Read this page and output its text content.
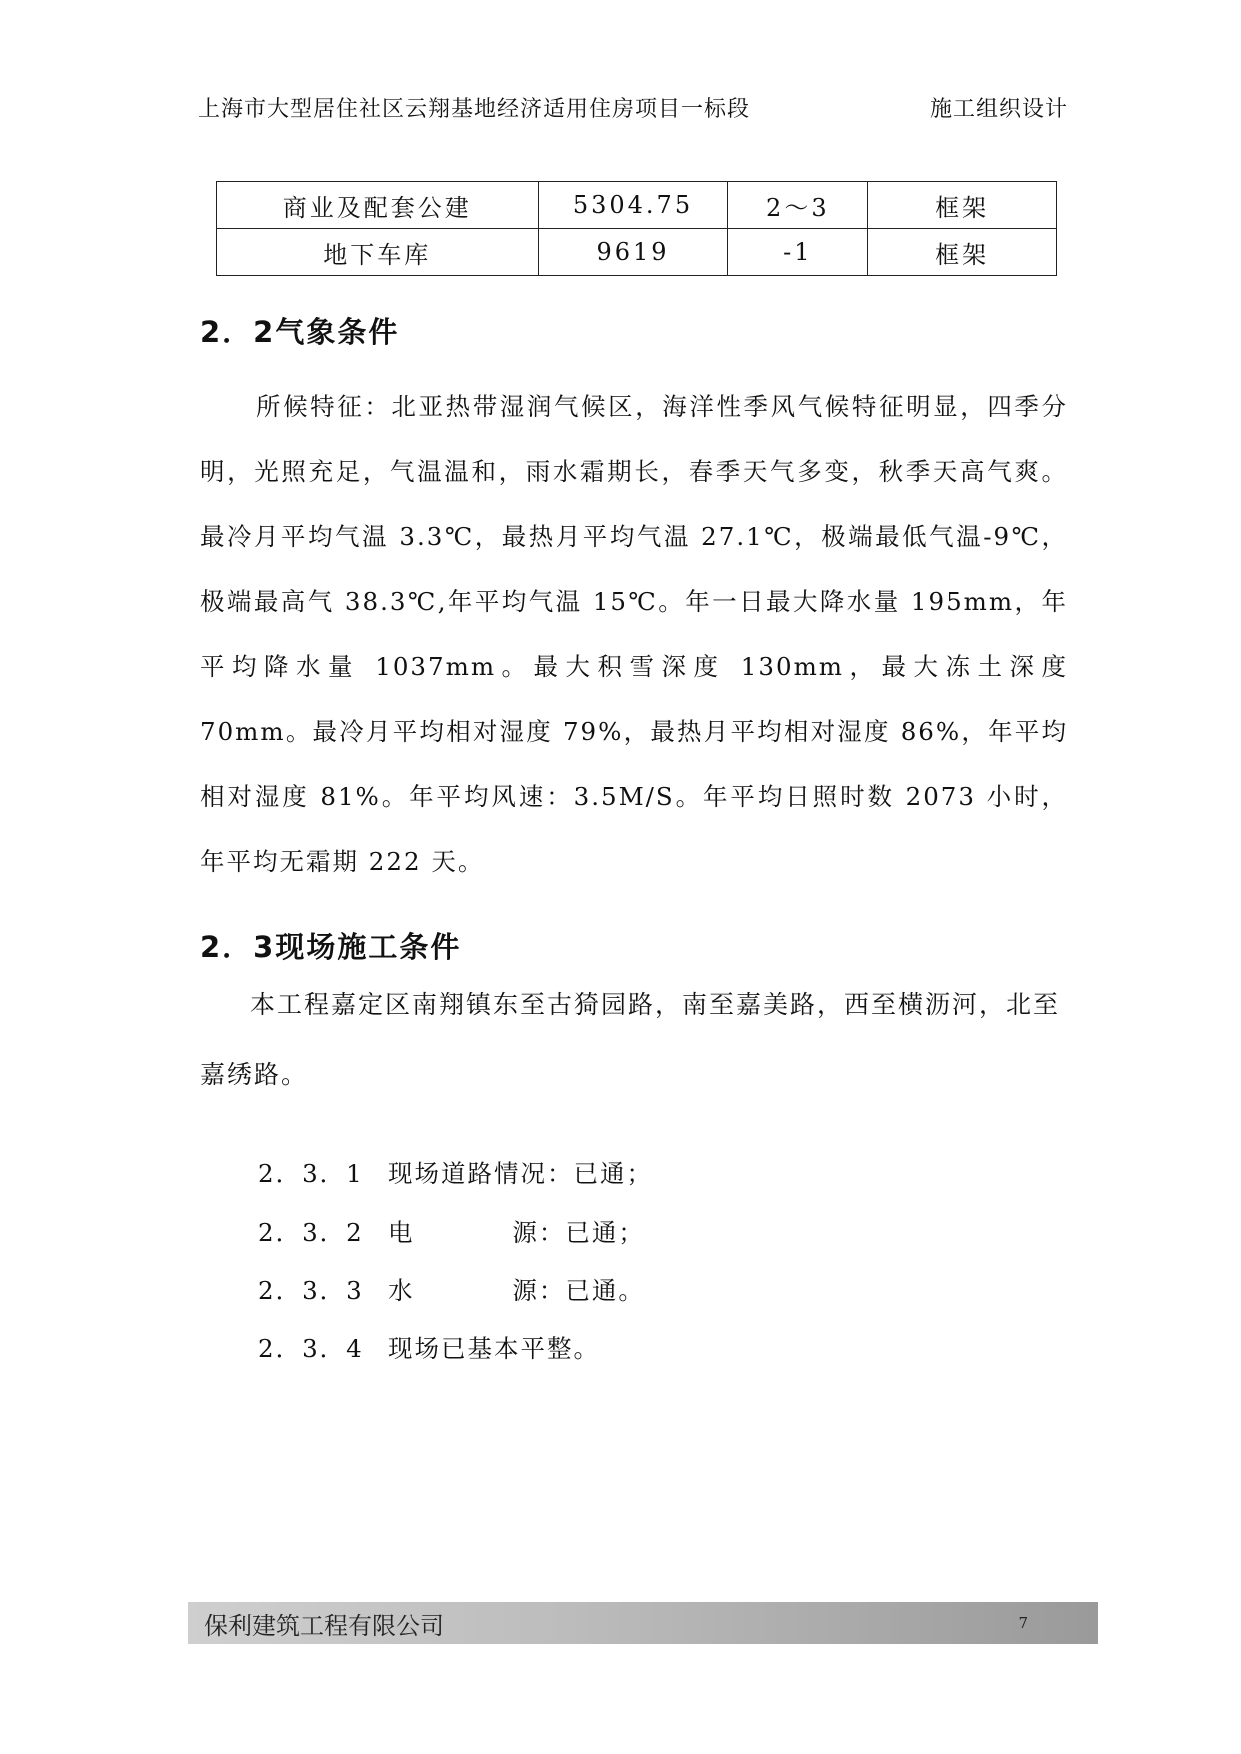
上海市大型居住社区云翔基地经济适用住房项目一标段	施工组织设计
商业及配套公建	5304.75	2～3	框架
地下车库	9619	-1	框架
2．2气象条件
所候特征：北亚热带湿润气候区，海洋性季风气候特征明显，四季分明，光照充足，气温温和，雨水霜期长，春季天气多变，秋季天高气爽。最冷月平均气温 3.3℃，最热月平均气温 27.1℃，极端最低气温-9℃，极端最高气 38.3℃,年平均气温 15℃。年一日最大降水量 195mm，年平均降水量 1037mm。最大积雪深度 130mm，最大冻土深度 70mm。最冷月平均相对湿度 79%，最热月平均相对湿度 86%，年平均相对湿度 81%。年平均风速：3.5M/S。年平均日照时数 2073 小时，年平均无霜期 222 天。
2．3现场施工条件
本工程嘉定区南翔镇东至古猗园路，南至嘉美路，西至横沥河，北至嘉绣路。
2．3．1 现场道路情况：已通；
2．3．2 电          源：已通；
2．3．3 水          源：已通。
2．3．4 现场已基本平整。
保利建筑工程有限公司	7
